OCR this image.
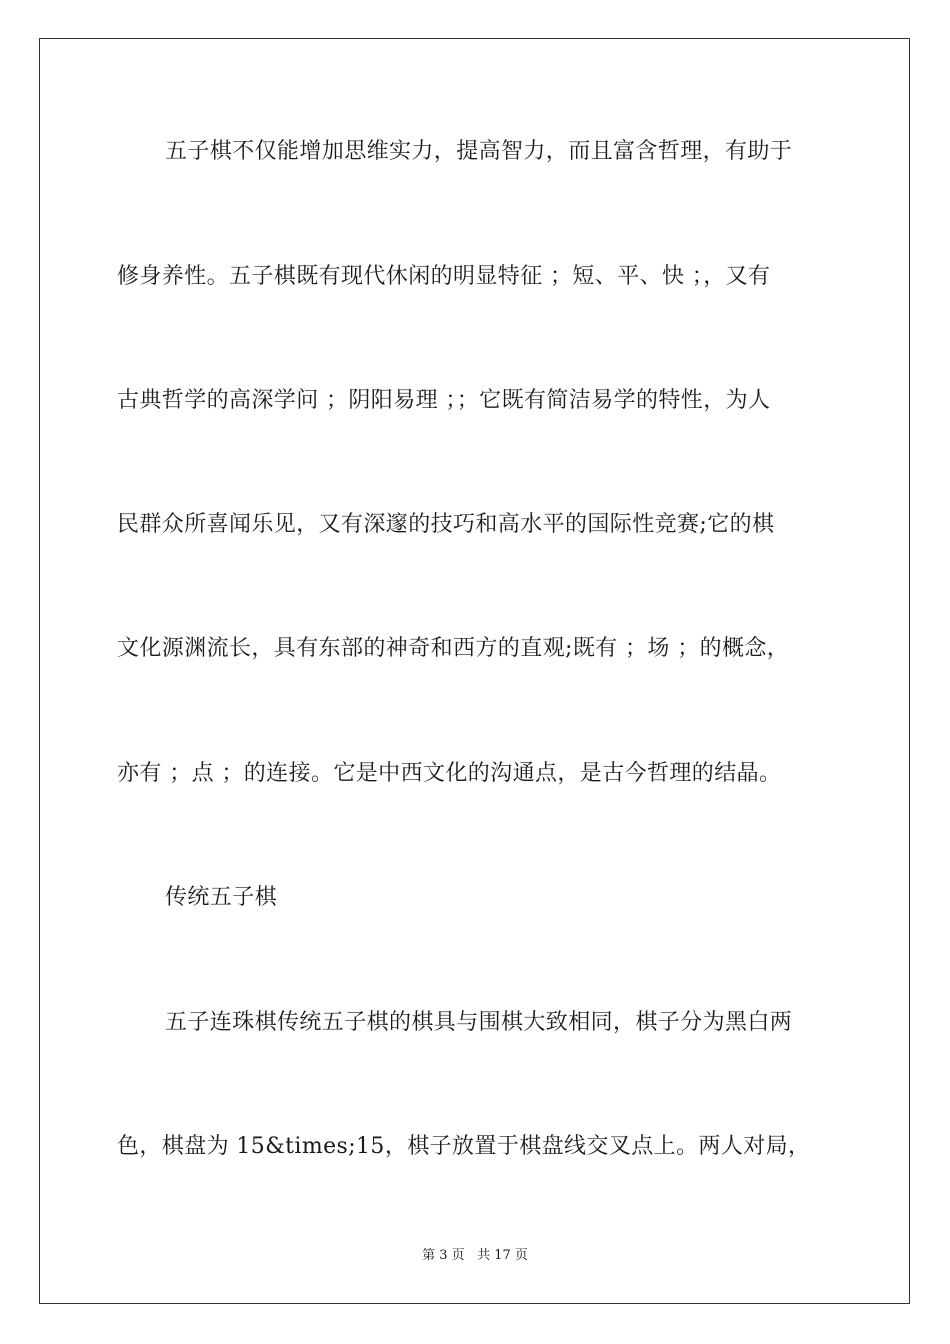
五子棋不仅能增加思维实力，提高智力，而且富含哲理，有助于
修身养性。五子棋既有现代休闲的明显特征 ；短、平、快 ；，又有
古典哲学的高深学问 ；阴阳易理 ；；它既有简洁易学的特性，为人
民群众所喜闻乐见，又有深邃的技巧和高水平的国际性竞赛;它的棋
文化源渊流长，具有东部的神奇和西方的直观;既有 ；场 ；的概念，
亦有 ；点 ；的连接。它是中西文化的沟通点，是古今哲理的结晶。
传统五子棋
五子连珠棋传统五子棋的棋具与围棋大致相同，棋子分为黑白两
色，棋盘为 15&times;15，棋子放置于棋盘线交叉点上。两人对局，
第 3 页 共 17 页
